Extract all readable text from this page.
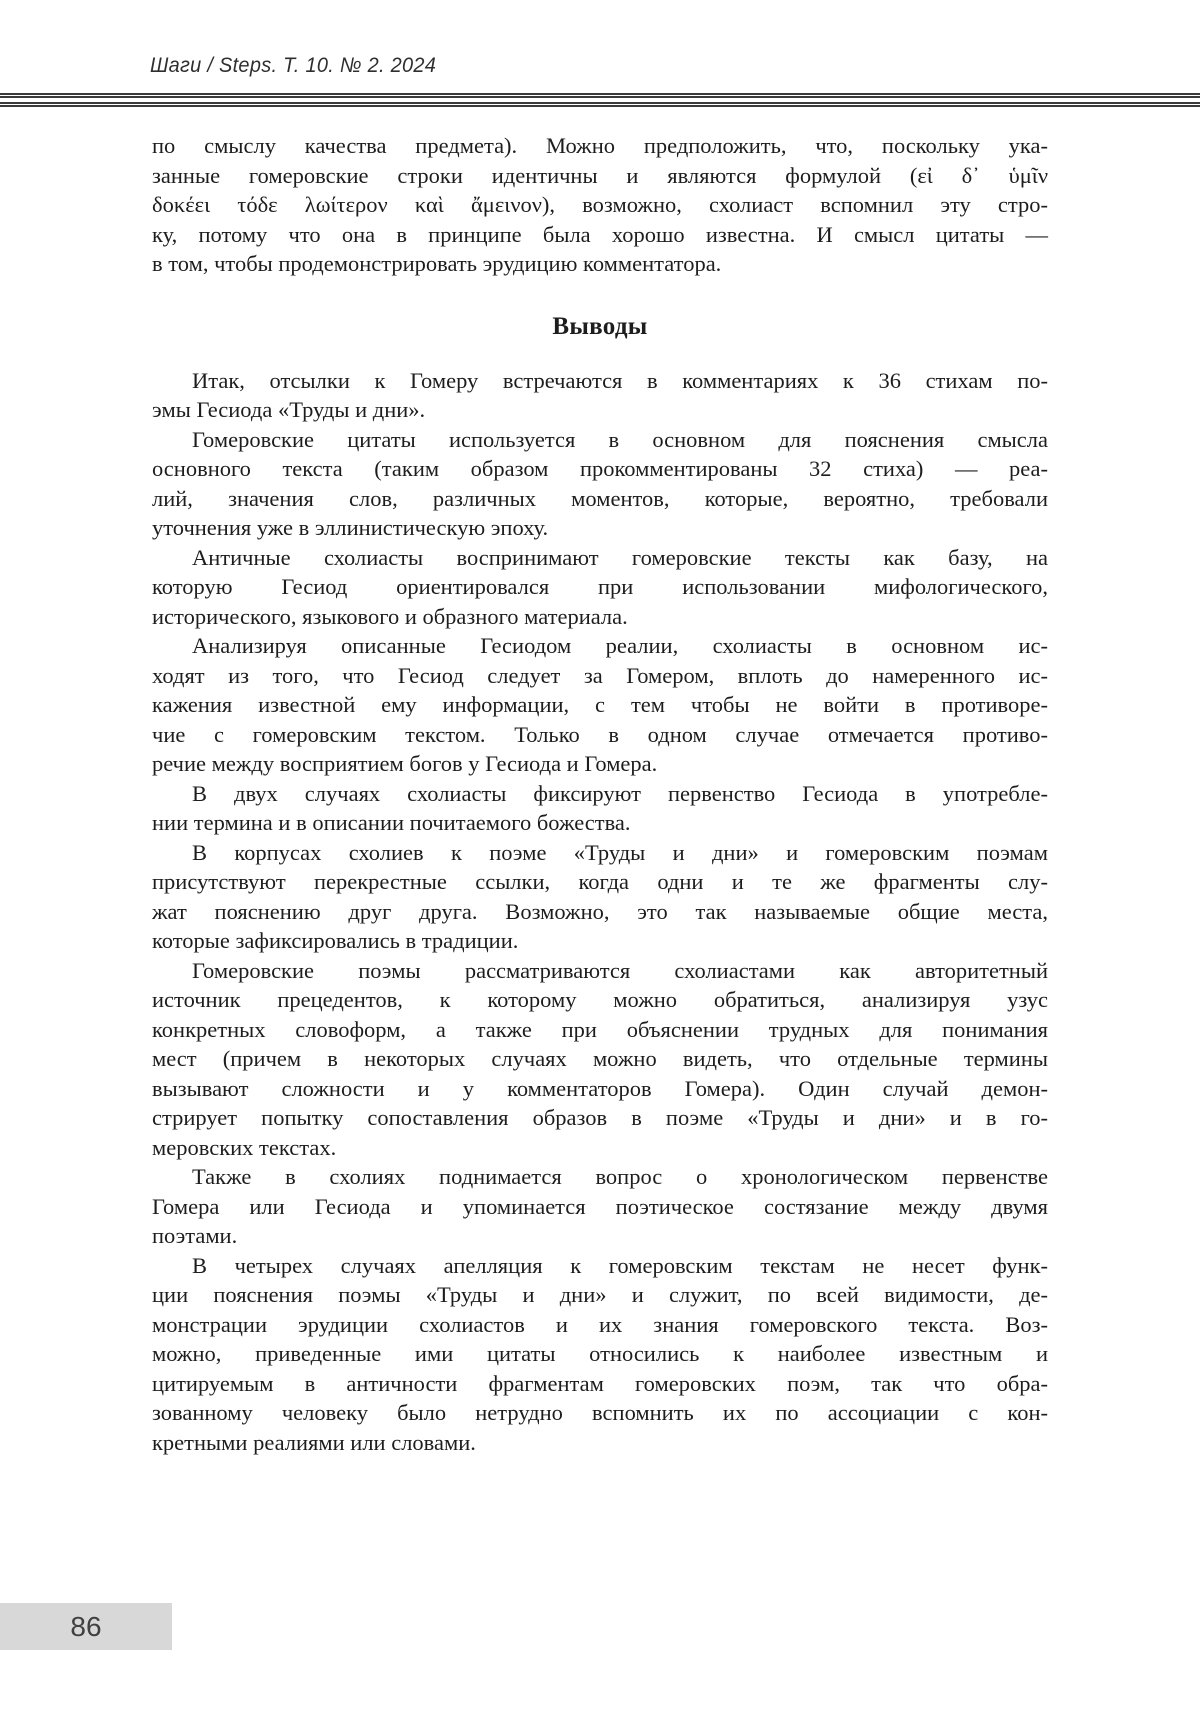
Шаги / Steps. Т. 10. № 2. 2024
по смыслу качества предмета). Можно предположить, что, поскольку ука-
занные гомеровские строки идентичны и являются формулой (εἰ δ᾽ ὑμῖν
δοκέει τόδε λωίτερον καὶ ἄμεινον), возможно, схолиаст вспомнил эту стро-
ку, потому что она в принципе была хорошо известна. И смысл цитаты —
в том, чтобы продемонстрировать эрудицию комментатора.
Выводы
Итак, отсылки к Гомеру встречаются в комментариях к 36 стихам по-
эмы Гесиода «Труды и дни».
Гомеровские цитаты используется в основном для пояснения смысла
основного текста (таким образом прокомментированы 32 стиха) — реа-
лий, значения слов, различных моментов, которые, вероятно, требовали
уточнения уже в эллинистическую эпоху.
Античные схолиасты воспринимают гомеровские тексты как базу, на
которую Гесиод ориентировался при использовании мифологического,
исторического, языкового и образного материала.
Анализируя описанные Гесиодом реалии, схолиасты в основном ис-
ходят из того, что Гесиод следует за Гомером, вплоть до намеренного ис-
кажения известной ему информации, с тем чтобы не войти в противоре-
чие с гомеровским текстом. Только в одном случае отмечается противо-
речие между восприятием богов у Гесиода и Гомера.
В двух случаях схолиасты фиксируют первенство Гесиода в употребле-
нии термина и в описании почитаемого божества.
В корпусах схолиев к поэме «Труды и дни» и гомеровским поэмам
присутствуют перекрестные ссылки, когда одни и те же фрагменты слу-
жат пояснению друг друга. Возможно, это так называемые общие места,
которые зафиксировались в традиции.
Гомеровские поэмы рассматриваются схолиастами как авторитетный
источник прецедентов, к которому можно обратиться, анализируя узус
конкретных словоформ, а также при объяснении трудных для понимания
мест (причем в некоторых случаях можно видеть, что отдельные термины
вызывают сложности и у комментаторов Гомера). Один случай демон-
стрирует попытку сопоставления образов в поэме «Труды и дни» и в го-
меровских текстах.
Также в схолиях поднимается вопрос о хронологическом первенстве
Гомера или Гесиода и упоминается поэтическое состязание между двумя
поэтами.
В четырех случаях апелляция к гомеровским текстам не несет функ-
ции пояснения поэмы «Труды и дни» и служит, по всей видимости, де-
монстрации эрудиции схолиастов и их знания гомеровского текста. Воз-
можно, приведенные ими цитаты относились к наиболее известным и
цитируемым в античности фрагментам гомеровских поэм, так что обра-
зованному человеку было нетрудно вспомнить их по ассоциации с кон-
кретными реалиями или словами.
86
